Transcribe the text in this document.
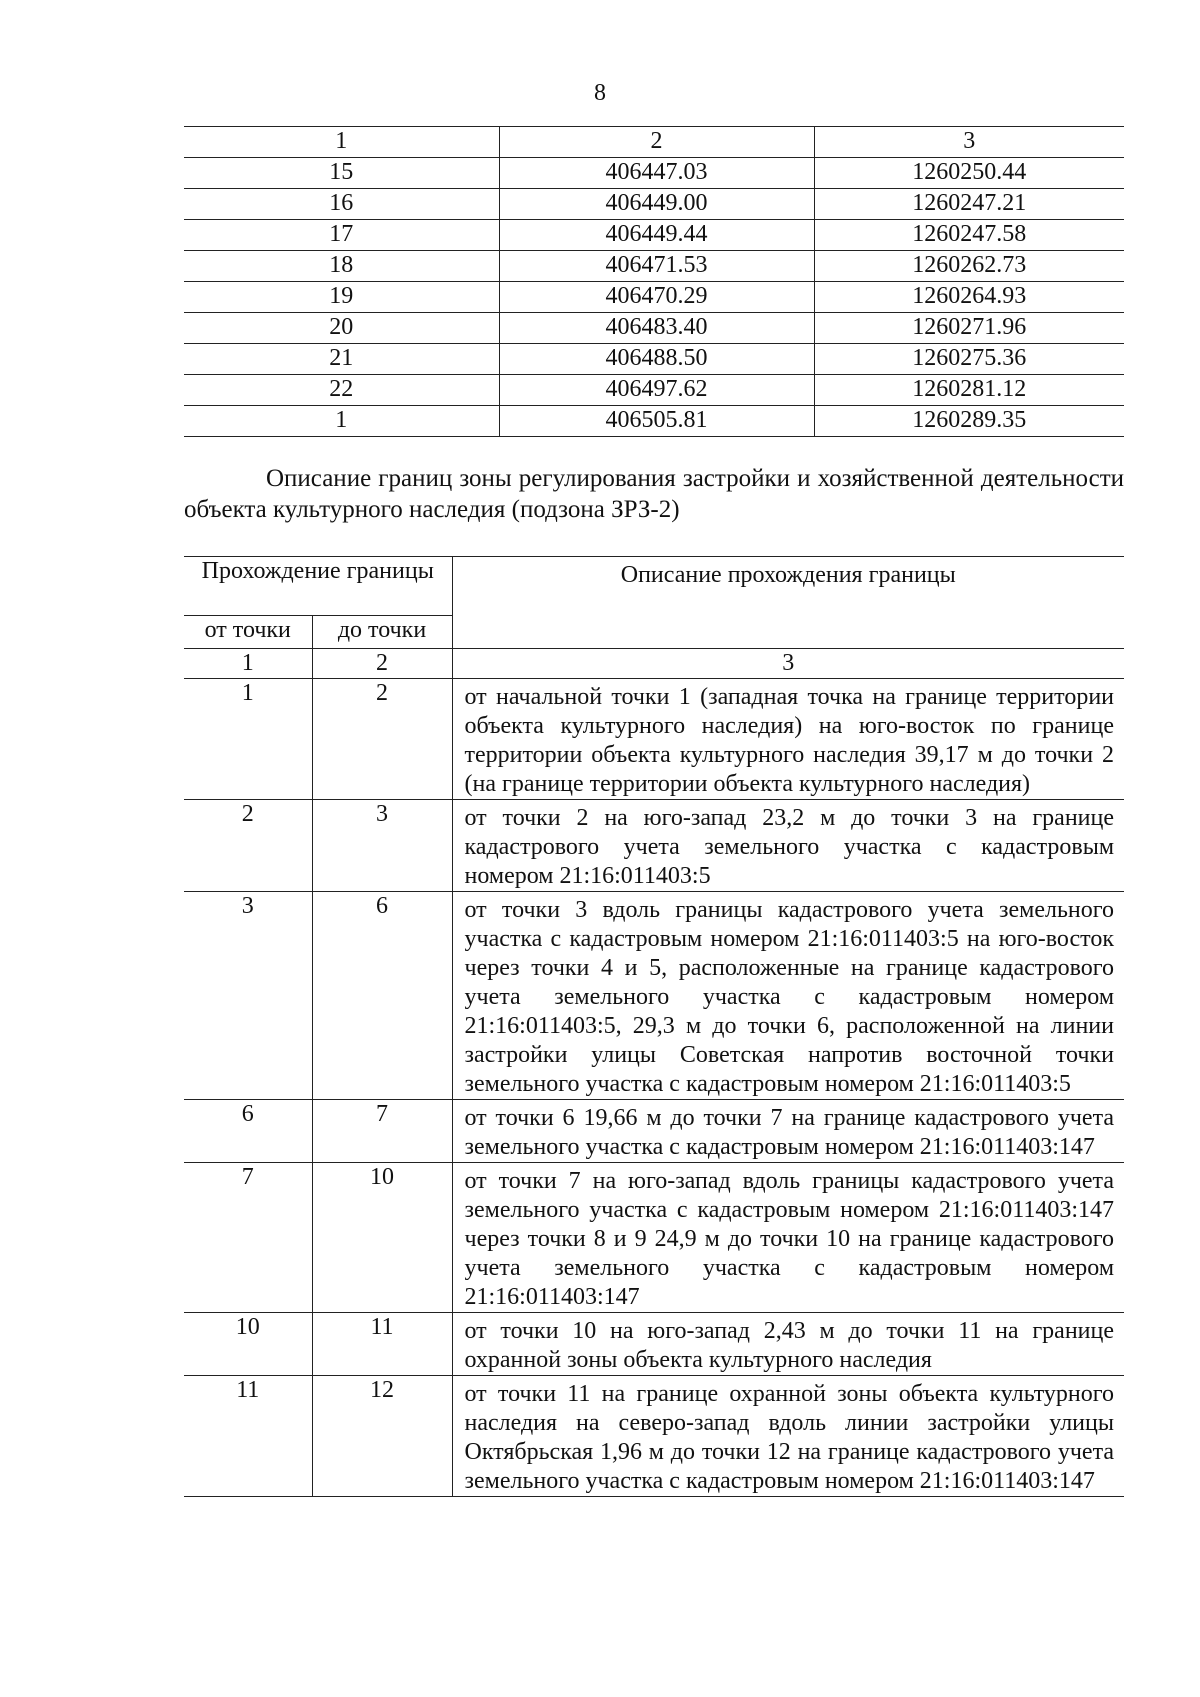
8
1	2	3
15	406447.03	1260250.44
16	406449.00	1260247.21
17	406449.44	1260247.58
18	406471.53	1260262.73
19	406470.29	1260264.93
20	406483.40	1260271.96
21	406488.50	1260275.36
22	406497.62	1260281.12
1	406505.81	1260289.35
Описание границ зоны регулирования застройки и хозяйственной деятельности объекта культурного наследия (подзона ЗРЗ-2)
Прохождение границы		Описание прохождения границы
от точки	до точки	
1	2	3
1	2	от начальной точки 1 (западная точка на границе территории объекта культурного наследия) на юго-восток по границе территории объекта культурного наследия 39,17 м до точки 2 (на границе территории объекта культурного наследия)
2	3	от точки 2 на юго-запад 23,2 м до точки 3 на границе кадастрового учета земельного участка с кадастровым номером 21:16:011403:5
3	6	от точки 3 вдоль границы кадастрового учета земельного участка с кадастровым номером 21:16:011403:5 на юго-восток через точки 4 и 5, расположенные на границе кадастрового учета земельного участка с кадастровым номером 21:16:011403:5, 29,3 м до точки 6, расположенной на линии застройки улицы Советская напротив восточной точки земельного участка с кадастровым номером 21:16:011403:5
6	7	от точки 6 19,66 м до точки 7 на границе кадастрового учета земельного участка с кадастровым номером 21:16:011403:147
7	10	от точки 7 на юго-запад вдоль границы кадастрового учета земельного участка с кадастровым номером 21:16:011403:147 через точки 8 и 9 24,9 м до точки 10 на границе кадастрового учета земельного участка с кадастровым номером 21:16:011403:147
10	11	от точки 10 на юго-запад 2,43 м до точки 11 на границе охранной зоны объекта культурного наследия
11	12	от точки 11 на границе охранной зоны объекта культурного наследия на северо-запад вдоль линии застройки улицы Октябрьская 1,96 м до точки 12 на границе кадастрового учета земельного участка с кадастровым номером 21:16:011403:147
